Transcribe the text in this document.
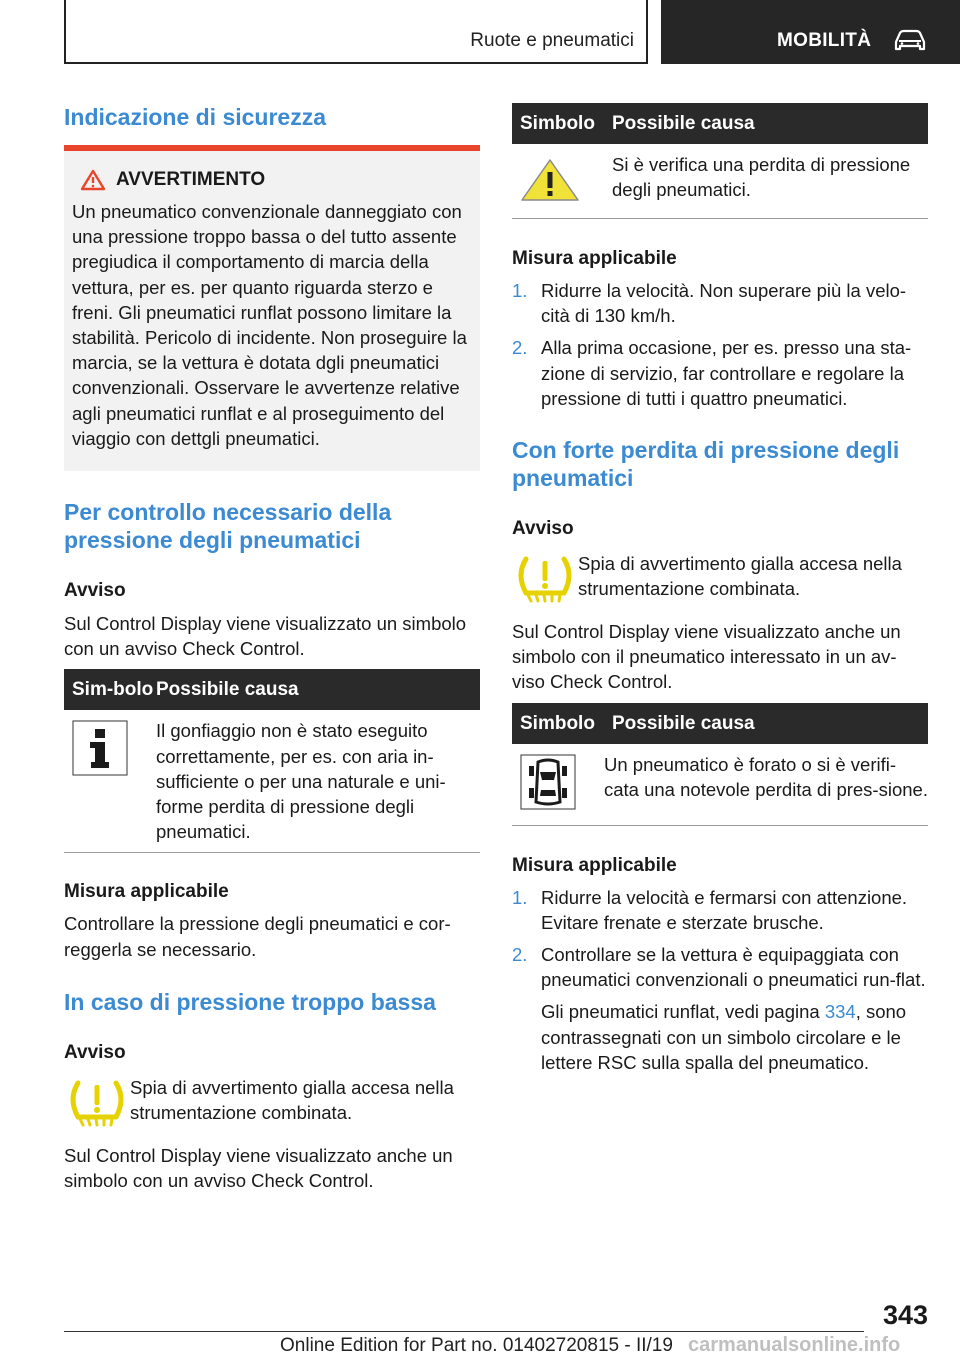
Ruote e pneumatici	MOBILITÀ
Indicazione di sicurezza
AVVERTIMENTO

Un pneumatico convenzionale danneggiato con una pressione troppo bassa o del tutto assente pregiudica il comportamento di marcia della vettura, per es. per quanto riguarda sterzo e freni. Gli pneumatici runflat possono limitare la stabilità. Pericolo di incidente. Non proseguire la marcia, se la vettura è dotata dgli pneumatici convenzionali. Osservare le avvertenze relative agli pneumatici runflat e al proseguimento del viaggio con dettgli pneumatici.

Per controllo necessario della pressione degli pneumatici

Avviso

Sul Control Display viene visualizzato un simbolo con un avviso Check Control.

Sim-bolo Possibile causa

Il gonfiaggio non è stato eseguito correttamente, per es. con aria in-sufficiente o per una naturale e uni-forme perdita di pressione degli pneumatici.

Misura applicabile

Controllare la pressione degli pneumatici e cor-reggerla se necessario.

In caso di pressione troppo bassa

Avviso

Spia di avvertimento gialla accesa nella strumentazione combinata.

Sul Control Display viene visualizzato anche un simbolo con un avviso Check Control.

Simbolo Possibile causa

Si è verifica una perdita di pressione degli pneumatici.

Misura applicabile

1. Ridurre la velocità. Non superare più la velo-cità di 130 km/h.
2. Alla prima occasione, per es. presso una sta-zione di servizio, far controllare e regolare la pressione di tutti i quattro pneumatici.
Con forte perdita di pressione degli pneumatici

Avviso

Spia di avvertimento gialla accesa nella strumentazione combinata.

Sul Control Display viene visualizzato anche un simbolo con il pneumatico interessato in un av-viso Check Control.

Simbolo Possibile causa

Un pneumatico è forato o si è verifi-cata una notevole perdita di pres-sione.

Misura applicabile

1. Ridurre la velocità e fermarsi con attenzione. Evitare frenate e sterzate brusche.
2. Controllare se la vettura è equipaggiata con pneumatici convenzionali o pneumatici run-flat.

Gli pneumatici runflat, vedi pagina 334, sono contrassegnati con un simbolo circolare e le lettere RSC sulla spalla del pneumatico.

343
Online Edition for Part no. 01402720815 - II/19 carmanualsonline.info
